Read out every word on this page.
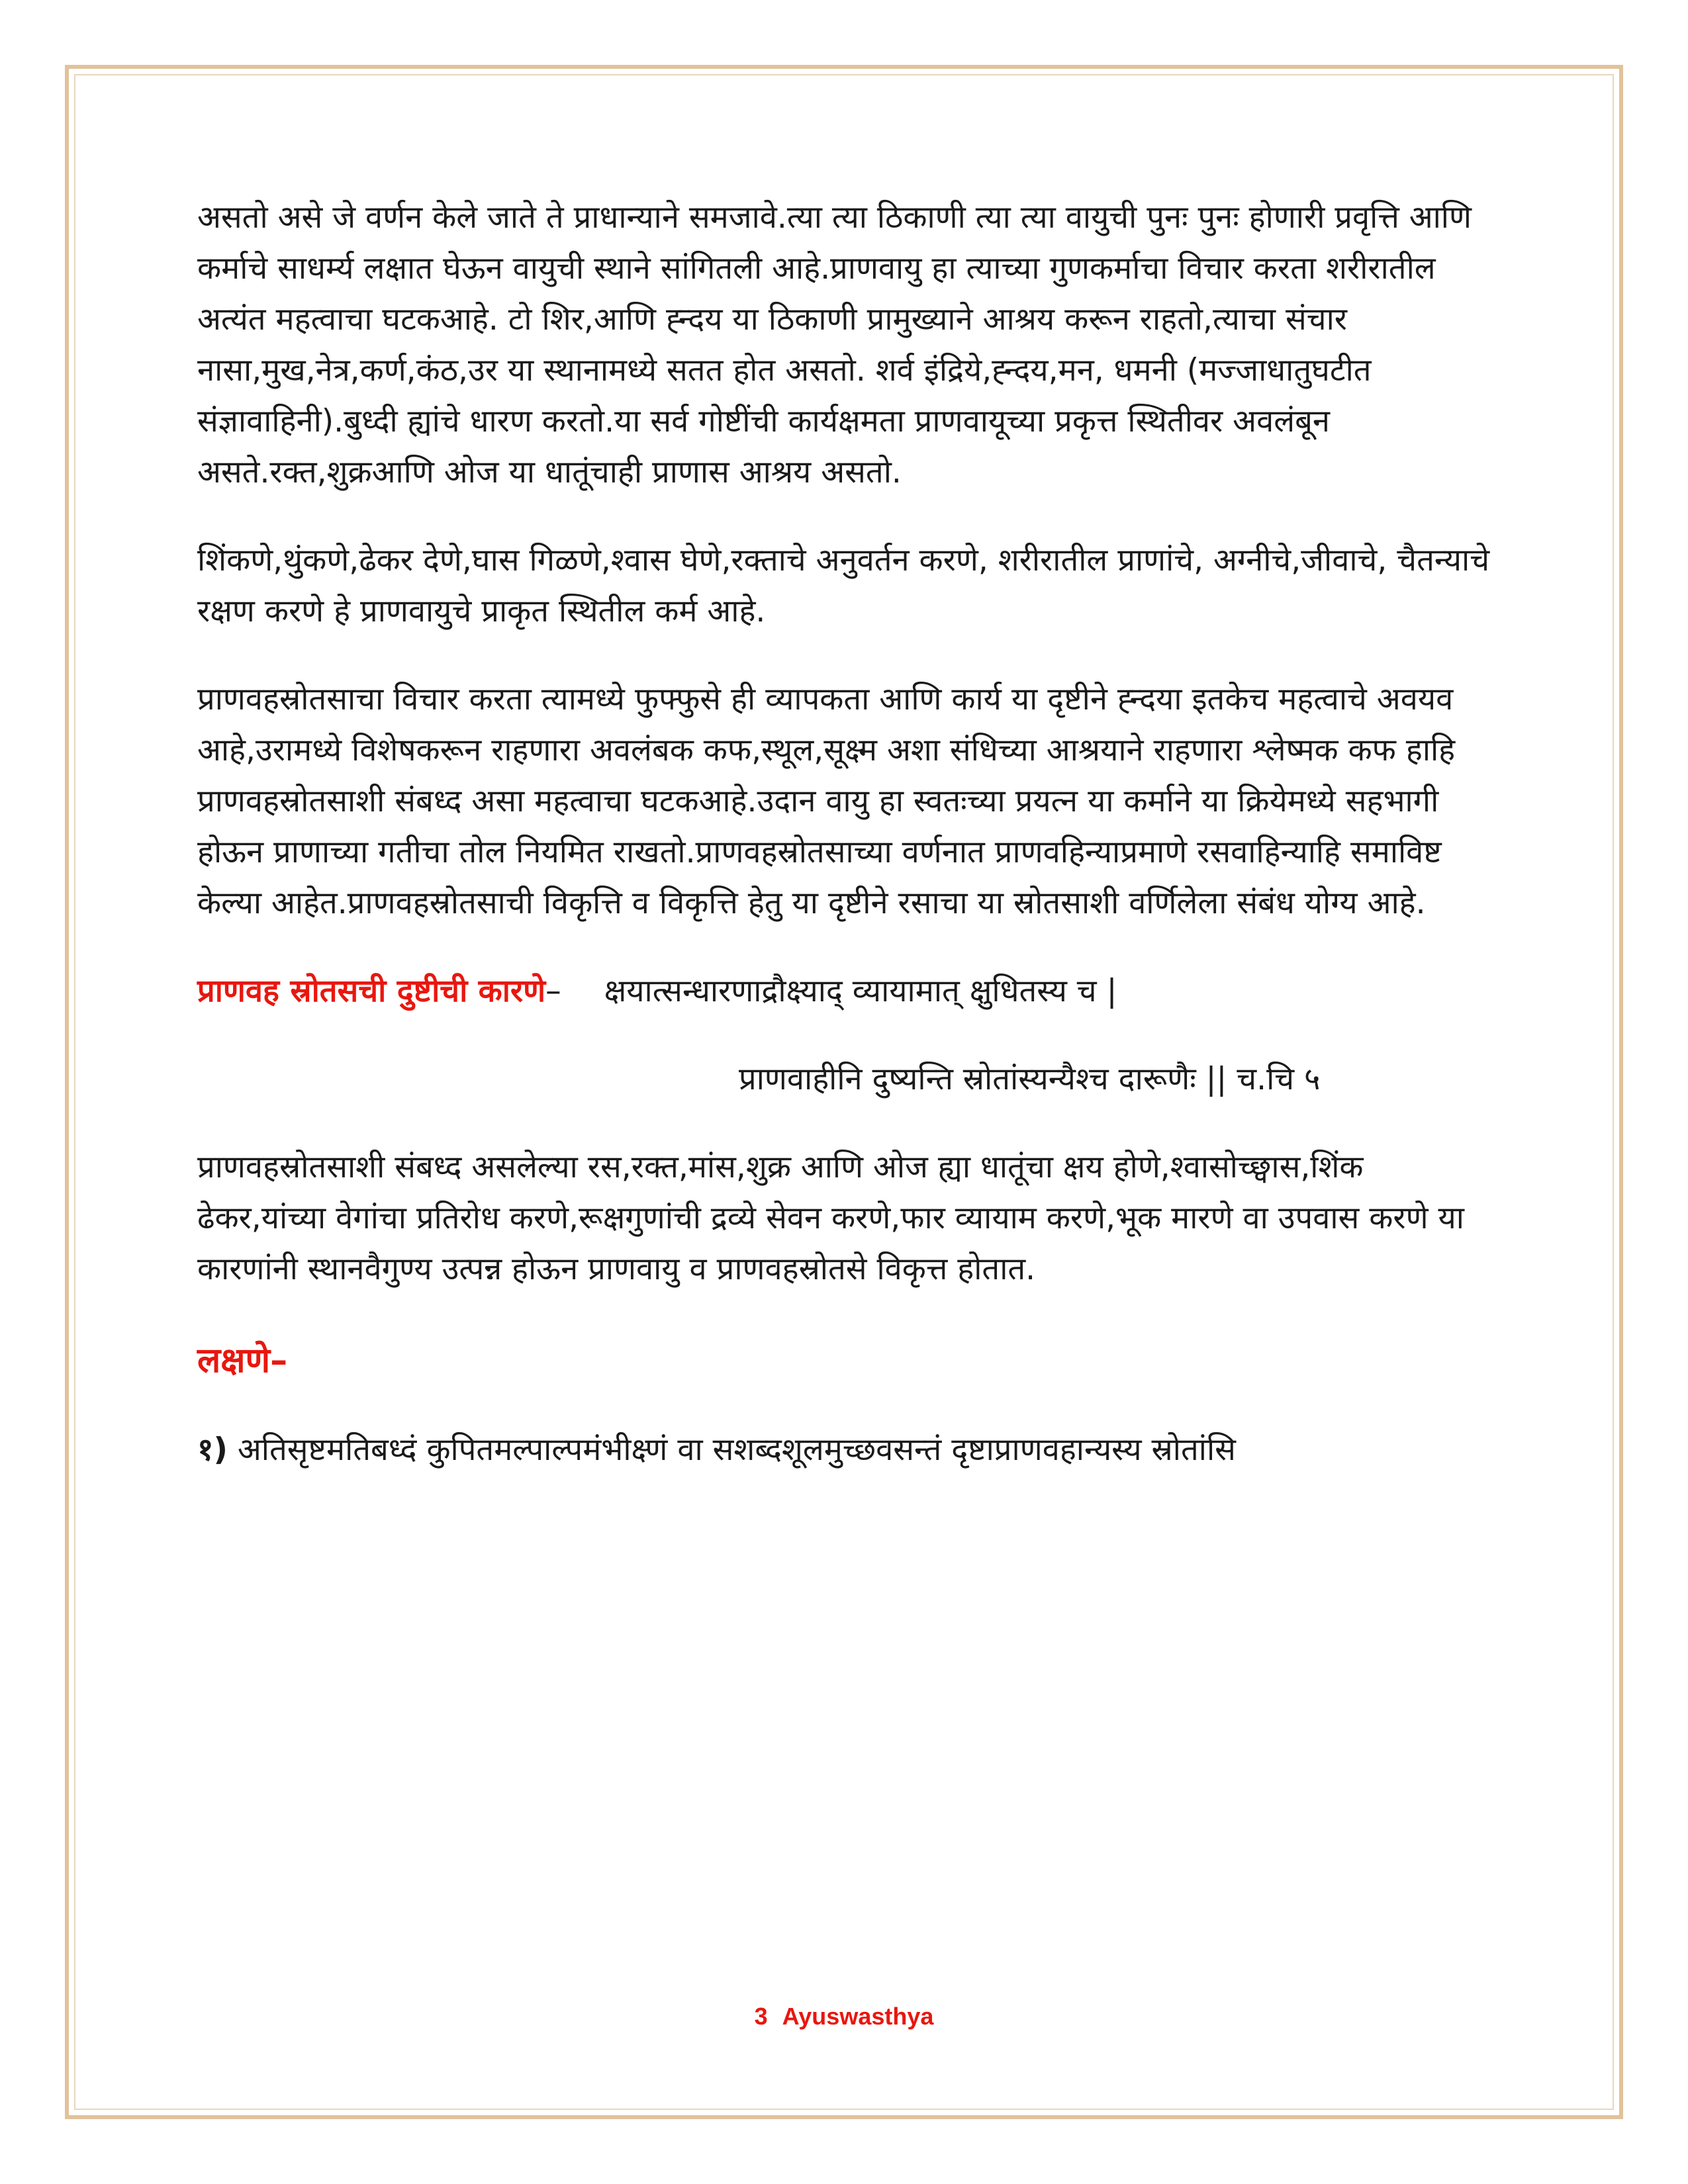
असतो असे जे वर्णन केले जाते ते प्राधान्याने समजावे.त्या त्या ठिकाणी त्या त्या वायुची पुनः पुनः होणारी प्रवृत्ति आणि कर्माचे साधर्म्य लक्षात घेऊन वायुची स्थाने सांगितली आहे.प्राणवायु हा त्याच्या गुणकर्माचा विचार करता शरीरातील अत्यंत महत्वाचा घटकआहे. टो शिर,आणि ह्न्दय या ठिकाणी प्रामुख्याने आश्रय करून राहतो,त्याचा संचार नासा,मुख,नेत्र,कर्ण,कंठ,उर या स्थानामध्ये सतत होत असतो. शर्व इंद्रिये,ह्न्दय,मन, धमनी (मज्जाधातुघटीत संज्ञावाहिनी).बुध्दी ह्यांचे धारण करतो.या सर्व गोष्टींची कार्यक्षमता प्राणवायूच्या प्रकृत्त स्थितीवर अवलंबून असते.रक्त,शुक्रआणि ओज या धातूंचाही प्राणास आश्रय असतो.

शिंकणे,थुंकणे,ढेकर देणे,घास गिळणे,श्वास घेणे,रक्ताचे अनुवर्तन करणे, शरीरातील प्राणांचे, अग्नीचे,जीवाचे, चैतन्याचे रक्षण करणे हे प्राणवायुचे प्राकृत स्थितील कर्म आहे.

प्राणवहस्रोतसाचा विचार करता त्यामध्ये फुफ्फुसे ही व्यापकता आणि कार्य या दृष्टीने ह्न्दया इतकेच महत्वाचे अवयव आहे,उरामध्ये विशेषकरून राहणारा अवलंबक कफ,स्थूल,सूक्ष्म अशा संधिच्या आश्रयाने राहणारा श्लेष्मक कफ हाहि प्राणवहस्रोतसाशी संबध्द असा महत्वाचा घटकआहे.उदान वायु हा स्वतःच्या प्रयत्न या कर्माने या क्रियेमध्ये सहभागी होऊन प्राणाच्या गतीचा तोल नियमित राखतो.प्राणवहस्रोतसाच्या वर्णनात प्राणवहिन्याप्रमाणे रसवाहिन्याहि समाविष्ट केल्या आहेत.प्राणवहस्रोतसाची विकृत्ति व विकृत्ति हेतु या दृष्टीने रसाचा या स्रोतसाशी वर्णिलेला संबंध योग्य आहे.

प्राणवह स्रोतसची दुष्टीची कारणे– क्षयात्सन्धारणाद्रौक्ष्याद् व्यायामात् क्षुधितस्य च |
प्राणवाहीनि दुष्यन्ति स्रोतांस्यन्यैश्च दारूणैः || च.चि ५

प्राणवहस्रोतसाशी संबध्द असलेल्या रस,रक्त,मांस,शुक्र आणि ओज ह्या धातूंचा क्षय होणे,श्वासोच्छ्वास,शिंक ढेकर,यांच्या वेगांचा प्रतिरोध करणे,रूक्षगुणांची द्रव्ये सेवन करणे,फार व्यायाम करणे,भूक मारणे वा उपवास करणे या कारणांनी स्थानवैगुण्य उत्पन्न होऊन प्राणवायु व प्राणवहस्रोतसे विकृत्त होतात.

लक्षणे–

१) अतिसृष्टमतिबध्दं कुपितमल्पाल्पमंभीक्ष्णं वा सशब्दशूलमुच्छवसन्तं दृष्टाप्राणवहान्यस्य स्रोतांसि

3 Ayuswasthya
